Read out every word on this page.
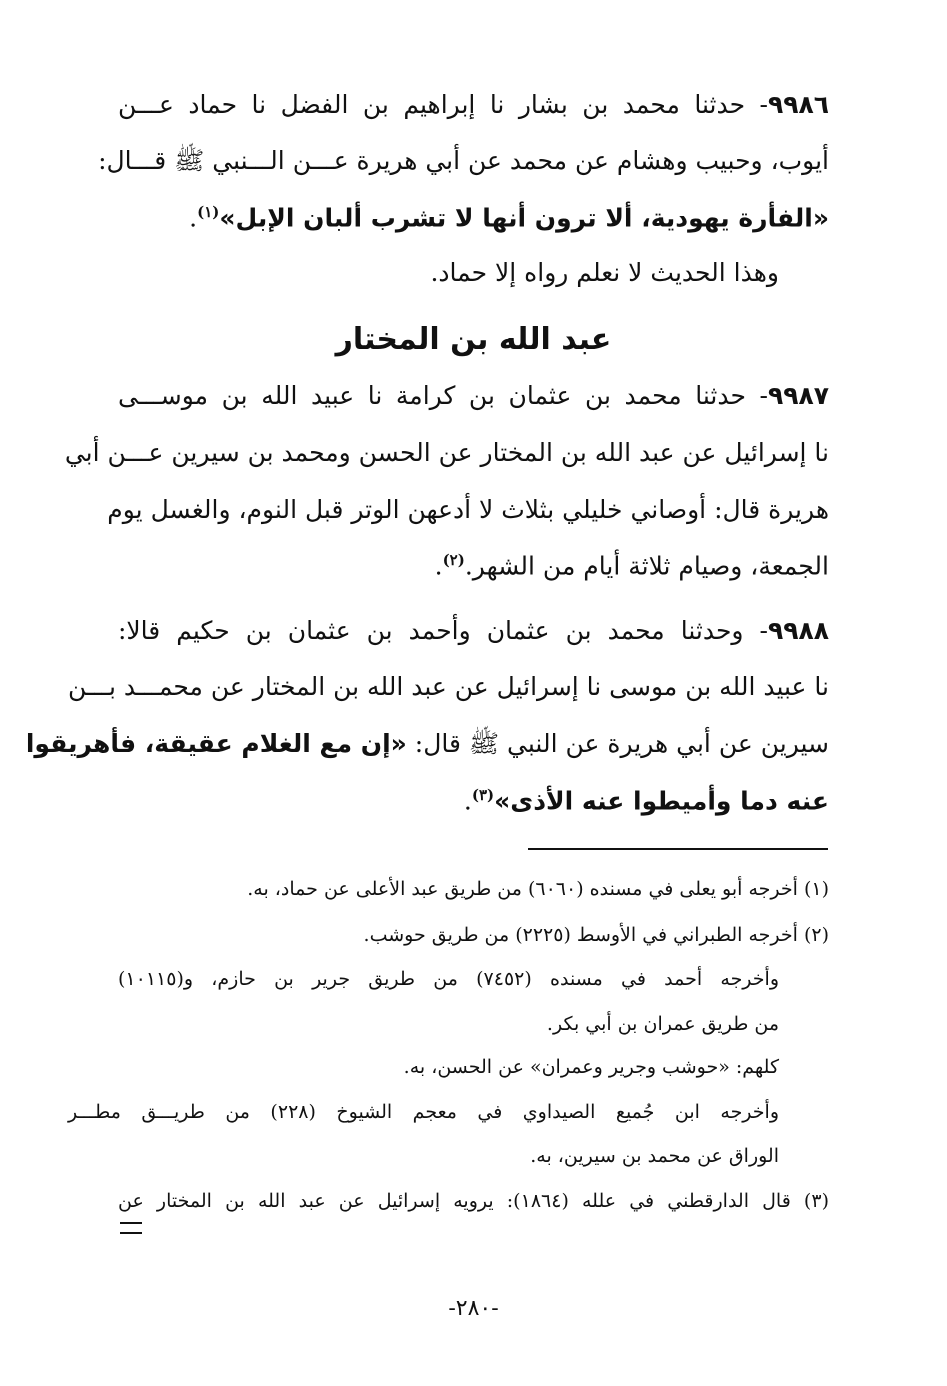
٩٩٨٦- حدثنا محمد بن بشار نا إبراهيم بن الفضل نا حماد عـــن
أيوب، وحبيب وهشام عن محمد عن أبي هريرة عـــن الـــنبي ﷺ قـــال:
«الفأرة يهودية، ألا ترون أنها لا تشرب ألبان الإبل»$^{(١)}$.
وهذا الحديث لا نعلم رواه إلا حماد.
عبد الله بن المختار
٩٩٨٧- حدثنا محمد بن عثمان بن كرامة نا عبيد الله بن موســـى
نا إسرائيل عن عبد الله بن المختار عن الحسن ومحمد بن سيرين عـــن أبي
هريرة قال: أوصاني خليلي بثلاث لا أدعهن الوتر قبل النوم، والغسل يوم
الجمعة، وصيام ثلاثة أيام من الشهر.$^{(٢)}$.
٩٩٨٨- وحدثنا محمد بن عثمان وأحمد بن عثمان بن حكيم قالا:
نا عبيد الله بن موسى نا إسرائيل عن عبد الله بن المختار عن محمـــد بـــن
سيرين عن أبي هريرة عن النبي ﷺ قال: «إن مع الغلام عقيقة، فأهريقوا
عنه دما وأميطوا عنه الأذى»$^{(٣)}$.
(١) أخرجه أبو يعلى في مسنده (٦٠٦٠) من طريق عبد الأعلى عن حماد، به.
(٢) أخرجه الطبراني في الأوسط (٢٢٢٥) من طريق حوشب.
وأخرجه أحمد في مسنده (٧٤٥٢) من طريق جرير بن حازم، و(١٠١١٥)
من طريق عمران بن أبي بكر.
كلهم: «حوشب وجرير وعمران» عن الحسن، به.
وأخرجه ابن جُميع الصيداوي في معجم الشيوخ (٢٢٨) من طريـــق مطـــر
الوراق عن محمد بن سيرين، به.
(٣) قال الدارقطني في علله (١٨٦٤): يرويه إسرائيل عن عبد الله بن المختار عن
-٢٨٠-
